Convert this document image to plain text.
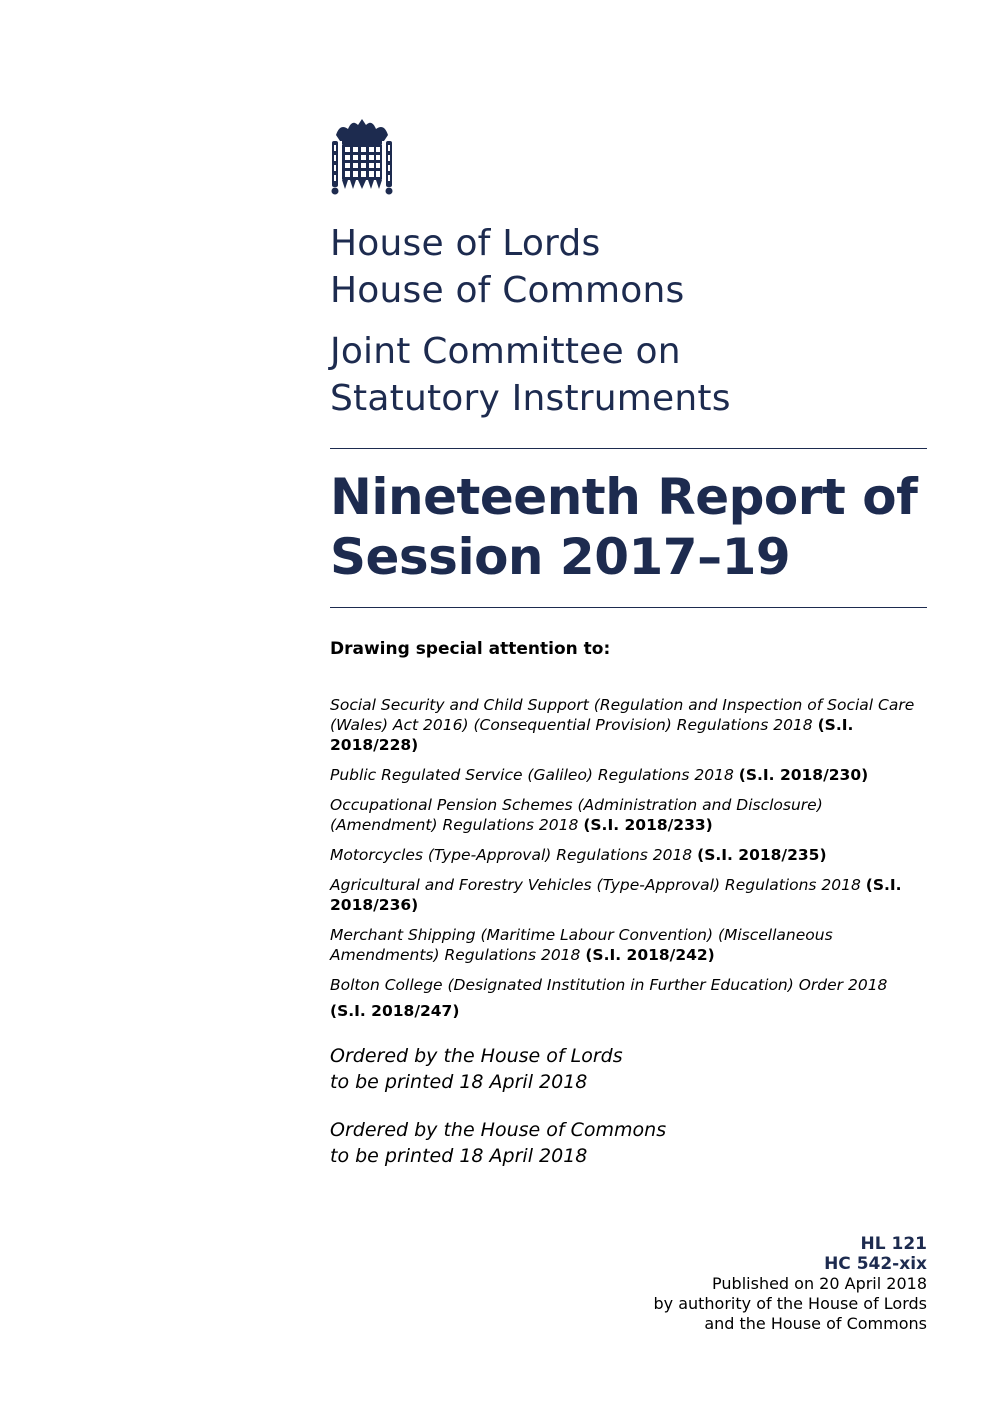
House of Lords
House of Commons
Joint Committee on
Statutory Instruments
Nineteenth Report of
Session 2017–19
Drawing special attention to:
Social Security and Child Support (Regulation and Inspection of Social Care (Wales) Act 2016) (Consequential Provision) Regulations 2018 (S.I. 2018/228)
Public Regulated Service (Galileo) Regulations 2018 (S.I. 2018/230)
Occupational Pension Schemes (Administration and Disclosure) (Amendment) Regulations 2018 (S.I. 2018/233)
Motorcycles (Type-Approval) Regulations 2018 (S.I. 2018/235)
Agricultural and Forestry Vehicles (Type-Approval) Regulations 2018 (S.I. 2018/236)
Merchant Shipping (Maritime Labour Convention) (Miscellaneous Amendments) Regulations 2018 (S.I. 2018/242)
Bolton College (Designated Institution in Further Education) Order 2018
(S.I. 2018/247)
Ordered by the House of Lords
to be printed 18 April 2018
Ordered by the House of Commons
to be printed 18 April 2018
HL 121
HC 542-xix
Published on 20 April 2018
by authority of the House of Lords
and the House of Commons
